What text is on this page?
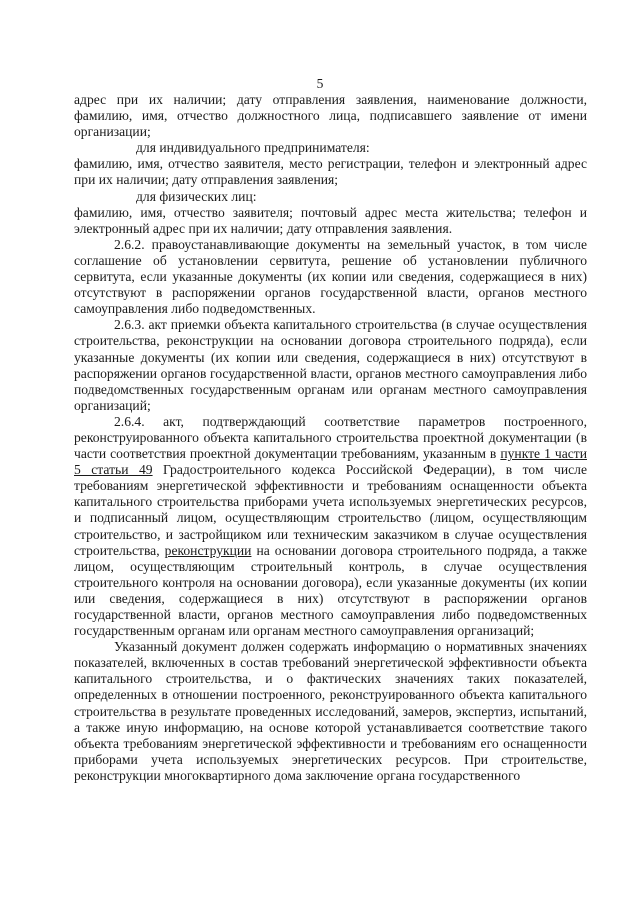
5

адрес при их наличии; дату отправления заявления, наименование должности, фамилию, имя, отчество должностного лица, подписавшего заявление от имени организации;

для индивидуального предпринимателя:

фамилию, имя, отчество заявителя, место регистрации, телефон и электронный адрес при их наличии; дату отправления заявления;

для физических лиц:

фамилию, имя, отчество заявителя; почтовый адрес места жительства; телефон и электронный адрес при их наличии; дату отправления заявления.

2.6.2. правоустанавливающие документы на земельный участок, в том числе соглашение об установлении сервитута, решение об установлении публичного сервитута, если указанные документы (их копии или сведения, содержащиеся в них) отсутствуют в распоряжении органов государственной власти, органов местного самоуправления либо подведомственных.

2.6.3. акт приемки объекта капитального строительства (в случае осуществления строительства, реконструкции на основании договора строительного подряда), если указанные документы (их копии или сведения, содержащиеся в них) отсутствуют в распоряжении органов государственной власти, органов местного самоуправления либо подведомственных государственным органам или органам местного самоуправления организаций;

2.6.4. акт, подтверждающий соответствие параметров построенного, реконструированного объекта капитального строительства проектной документации (в части соответствия проектной документации требованиям, указанным в пункте 1 части 5 статьи 49 Градостроительного кодекса Российской Федерации), в том числе требованиям энергетической эффективности и требованиям оснащенности объекта капитального строительства приборами учета используемых энергетических ресурсов, и подписанный лицом, осуществляющим строительство (лицом, осуществляющим строительство, и застройщиком или техническим заказчиком в случае осуществления строительства, реконструкции на основании договора строительного подряда, а также лицом, осуществляющим строительный контроль, в случае осуществления строительного контроля на основании договора), если указанные документы (их копии или сведения, содержащиеся в них) отсутствуют в распоряжении органов государственной власти, органов местного самоуправления либо подведомственных государственным органам или органам местного самоуправления организаций;

Указанный документ должен содержать информацию о нормативных значениях показателей, включенных в состав требований энергетической эффективности объекта капитального строительства, и о фактических значениях таких показателей, определенных в отношении построенного, реконструированного объекта капитального строительства в результате проведенных исследований, замеров, экспертиз, испытаний, а также иную информацию, на основе которой устанавливается соответствие такого объекта требованиям энергетической эффективности и требованиям его оснащенности приборами учета используемых энергетических ресурсов. При строительстве, реконструкции многоквартирного дома заключение органа государственного
